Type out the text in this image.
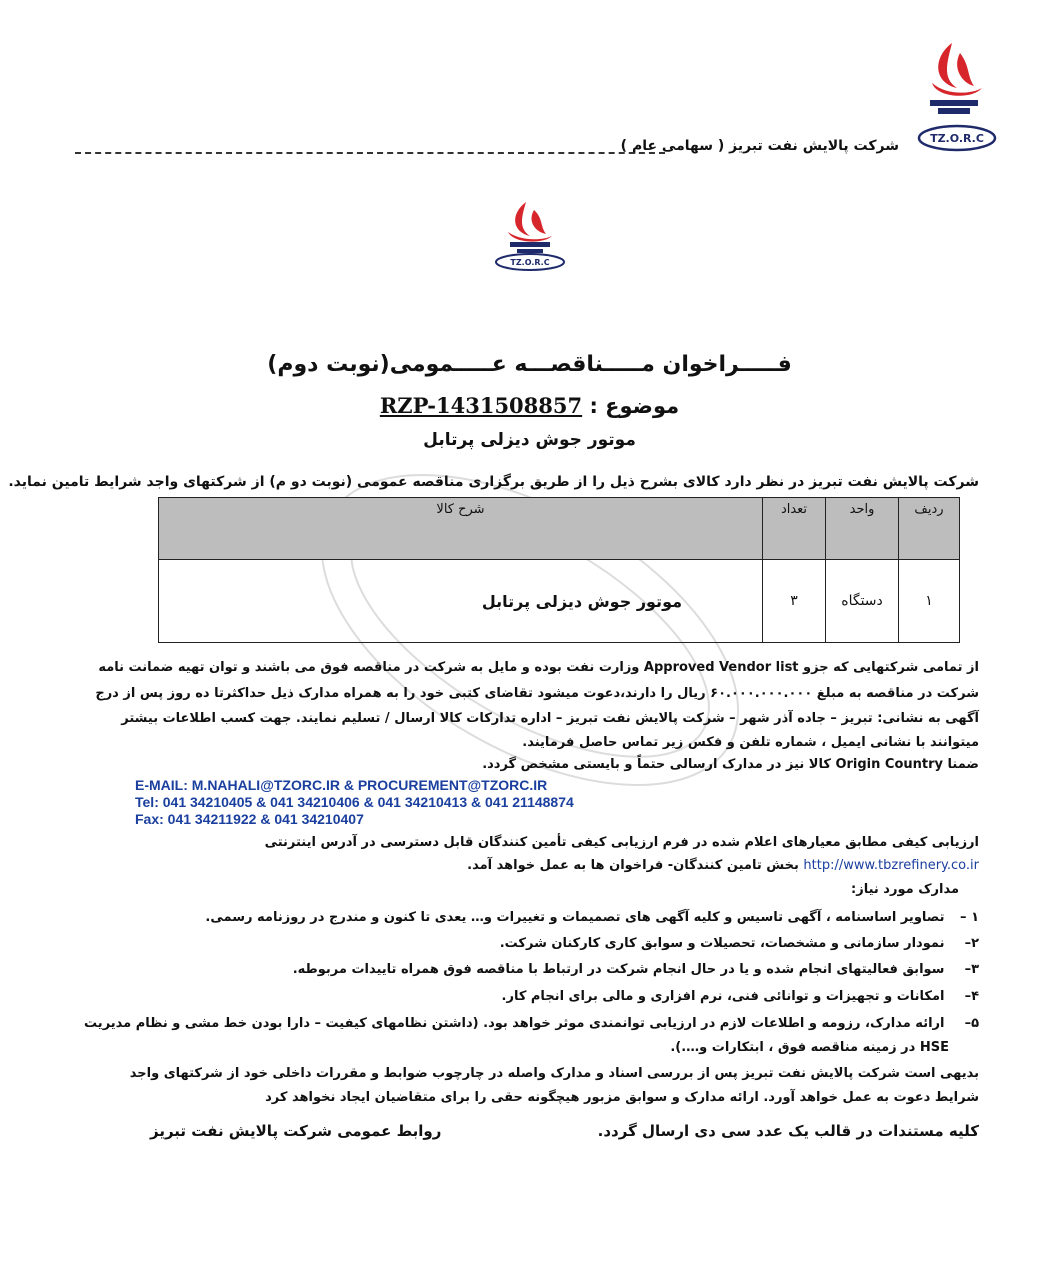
TZ.O.R.C
شرکت پالایش نفت تبریز ( سهامی عام )
TZ.O.R.C
فـــــراخوان مـــــناقصـــه عـــــمومی(نوبت دوم)
موضوع : RZP-1431508857
موتور جوش دیزلی پرتابل
شرکت پالایش نفت تبریز در نظر دارد کالای بشرح ذیل را از طریق برگزاری مناقصه عمومی (نوبت دو م) از شرکتهای واجد شرایط تامین نماید.
ردیف	واحد	تعداد	شرح کالا
۱	دستگاه	۳	موتور جوش دیزلی پرتابل
از تمامی شرکتهایی که جزو Approved Vendor list وزارت نفت بوده و مایل به شرکت در مناقصه فوق می باشند و توان تهیه ضمانت نامه
شرکت در مناقصه به مبلغ ۶۰.۰۰۰.۰۰۰.۰۰۰ ریال را دارند،دعوت میشود تقاضای کتبی خود را به همراه مدارک ذیل حداکثرتا ده روز پس از درج
آگهی به نشانی: تبریز – جاده آذر شهر – شرکت پالایش نفت تبریز – اداره تدارکات کالا ارسال / تسلیم نمایند. جهت کسب اطلاعات بیشتر
میتوانند با نشانی ایمیل ، شماره تلفن و فکس زیر تماس حاصل فرمایند.
ضمنا Origin Country کالا نیز در مدارک ارسالی حتماً و بایستی مشخص گردد.
E-MAIL: M.NAHALI@TZORC.IR & PROCUREMENT@TZORC.IR
Tel: 041 34210405 & 041 34210406 & 041 34210413 & 041 21148874
Fax: 041 34211922 & 041 34210407
ارزیابی کیفی مطابق معیارهای اعلام شده در فرم ارزیابی کیفی تأمین کنندگان قابل دسترسی در آدرس اینترنتی
http://www.tbzrefinery.co.ir بخش تامین کنندگان- فراخوان ها به عمل خواهد آمد.
مدارک مورد نیاز:
۱ – تصاویر اساسنامه ، آگهی تاسیس و کلیه آگهی های تصمیمات و تغییرات و… یعدی تا کنون و مندرج در روزنامه رسمی.
۲– نمودار سازمانی و مشخصات، تحصیلات و سوابق کاری کارکنان شرکت.
۳– سوابق فعالیتهای انجام شده و یا در حال انجام شرکت در ارتباط با مناقصه فوق همراه تاییدات مربوطه.
۴– امکانات و تجهیزات و توانائی فنی، نرم افزاری و مالی برای انجام کار.
۵– ارائه مدارک، رزومه و اطلاعات لازم در ارزیابی توانمندی موثر خواهد بود. (داشتن نظامهای کیفیت – دارا بودن خط مشی و نظام مدیریت
HSE در زمینه مناقصه فوق ، ابتکارات و….).
بدیهی است شرکت پالایش نفت تبریز پس از بررسی اسناد و مدارک واصله در چارچوب ضوابط و مقررات داخلی خود از شرکتهای واجد
شرایط دعوت به عمل خواهد آورد. ارائه مدارک و سوابق مزبور هیچگونه حقی را برای متقاضیان ایجاد نخواهد کرد
کلیه مستندات در قالب یک عدد سی دی ارسال گردد.
روابط عمومی شرکت پالایش نفت تبریز
